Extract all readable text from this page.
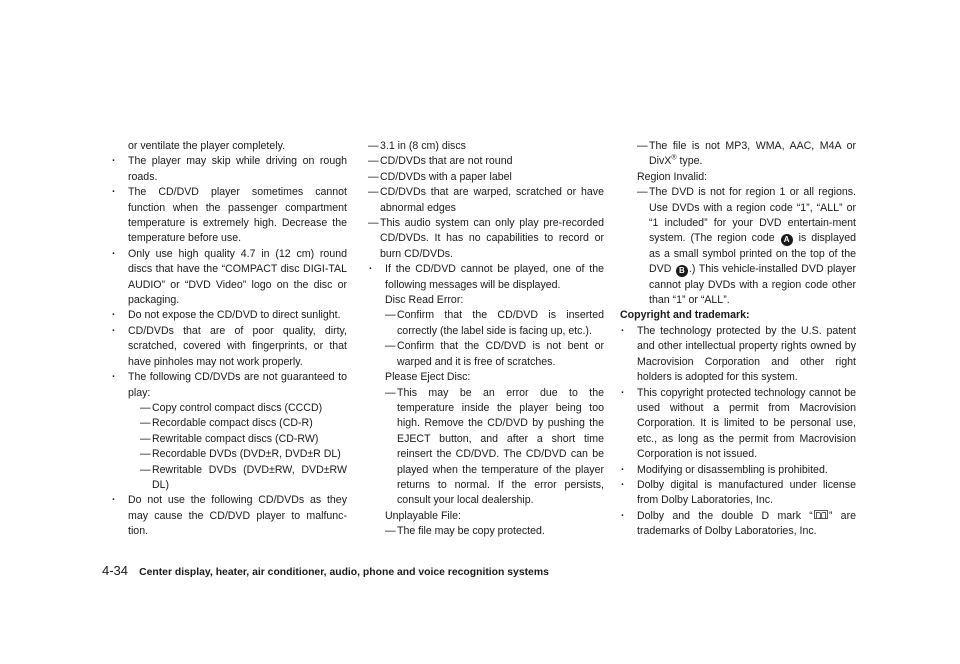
or ventilate the player completely.

. The player may skip while driving on rough roads.

. The CD/DVD player sometimes cannot function when the passenger compartment temperature is extremely high. Decrease the temperature before use.

. Only use high quality 4.7 in (12 cm) round discs that have the “COMPACT disc DIGI-TAL AUDIO” or “DVD Video” logo on the disc or packaging.

. Do not expose the CD/DVD to direct sunlight.

. CD/DVDs that are of poor quality, dirty, scratched, covered with fingerprints, or that have pinholes may not work properly.

. The following CD/DVDs are not guaranteed to play:

— Copy control compact discs (CCCD)

— Recordable compact discs (CD-R)

— Rewritable compact discs (CD-RW)

— Recordable DVDs (DVD±R, DVD±R DL)

— Rewritable DVDs (DVD±RW, DVD±RW DL)

. Do not use the following CD/DVDs as they may cause the CD/DVD player to malfunc-tion.

— 3.1 in (8 cm) discs

— CD/DVDs that are not round

— CD/DVDs with a paper label

— CD/DVDs that are warped, scratched or have abnormal edges

— This audio system can only play pre-recorded CD/DVDs. It has no capabilities to record or burn CD/DVDs.

. If the CD/DVD cannot be played, one of the following messages will be displayed.

Disc Read Error:

— Confirm that the CD/DVD is inserted correctly (the label side is facing up, etc.).

— Confirm that the CD/DVD is not bent or warped and it is free of scratches.

Please Eject Disc:

— This may be an error due to the temperature inside the player being too high. Remove the CD/DVD by pushing the EJECT button, and after a short time reinsert the CD/DVD. The CD/DVD can be played when the temperature of the player returns to normal. If the error persists, consult your local dealership.

Unplayable File:

— The file may be copy protected.

— The file is not MP3, WMA, AAC, M4A or DivX® type.

Region Invalid:

— The DVD is not for region 1 or all regions. Use DVDs with a region code “1”, “ALL” or “1 included” for your DVD entertain-ment system. (The region code A is displayed as a small symbol printed on the top of the DVD B .) This vehicle-installed DVD player cannot play DVDs with a region code other than “1” or “ALL”.

Copyright and trademark:

. The technology protected by the U.S. patent and other intellectual property rights owned by Macrovision Corporation and other right holders is adopted for this system.

. This copyright protected technology cannot be used without a permit from Macrovision Corporation. It is limited to be personal use, etc., as long as the permit from Macrovision Corporation is not issued.

. Modifying or disassembling is prohibited.

. Dolby digital is manufactured under license from Dolby Laboratories, Inc.

. Dolby and the double D mark “ ” are trademarks of Dolby Laboratories, Inc.

4-34 Center display, heater, air conditioner, audio, phone and voice recognition systems
